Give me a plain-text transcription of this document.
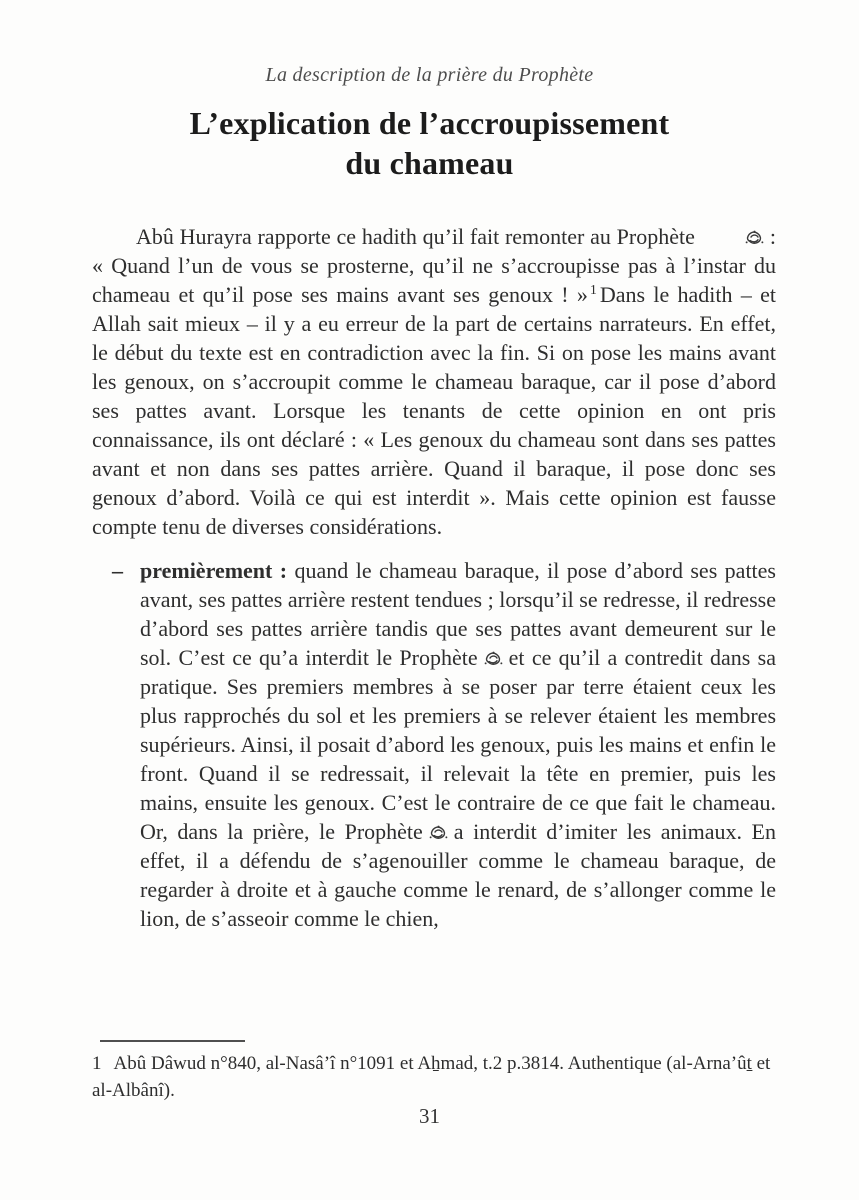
La description de la prière du Prophète
L’explication de l’accroupissement
du chameau

Abû Hurayra rapporte ce hadith qu’il fait remonter au Prophète	: « Quand l’un de vous se prosterne, qu’il ne s’accroupisse pas à l’instar du chameau et qu’il pose ses mains avant ses genoux ! » $^1$ Dans le hadith – et Allah sait mieux – il y a eu erreur de la part de certains narrateurs. En effet, le début du texte est en contradiction avec la fin. Si on pose les mains avant les genoux, on s’accroupit comme le chameau baraque, car il pose d’abord ses pattes avant. Lorsque les tenants de cette opinion en ont pris connaissance, ils ont déclaré : « Les genoux du chameau sont dans ses pattes avant et non dans ses pattes arrière. Quand il baraque, il pose donc ses genoux d’abord. Voilà ce qui est interdit ». Mais cette opinion est fausse compte tenu de diverses considérations.

– premièrement : quand le chameau baraque, il pose d’abord ses pattes avant, ses pattes arrière restent tendues ; lorsqu’il se redresse, il redresse d’abord ses pattes arrière tandis que ses pattes avant demeurent sur le sol. C’est ce qu’a interdit le Prophète et ce qu’il a contredit dans sa pratique. Ses premiers membres à se poser par terre étaient ceux les plus rapprochés du sol et les premiers à se relever étaient les membres supérieurs. Ainsi, il posait d’abord les genoux, puis les mains et enfin le front. Quand il se redressait, il relevait la tête en premier, puis les mains, ensuite les genoux. C’est le contraire de ce que fait le chameau. Or, dans la prière, le Prophète a interdit d’imiter les animaux. En effet, il a défendu de s’agenouiller comme le chameau baraque, de regarder à droite et à gauche comme le renard, de s’allonger comme le lion, de s’asseoir comme le chien,

1 Abû Dâwud n°840, al-Nasâ’î n°1091 et Aẖmad, t.2 p.3814. Authentique (al-Arna’ûṯ et al-Albânî).

31
